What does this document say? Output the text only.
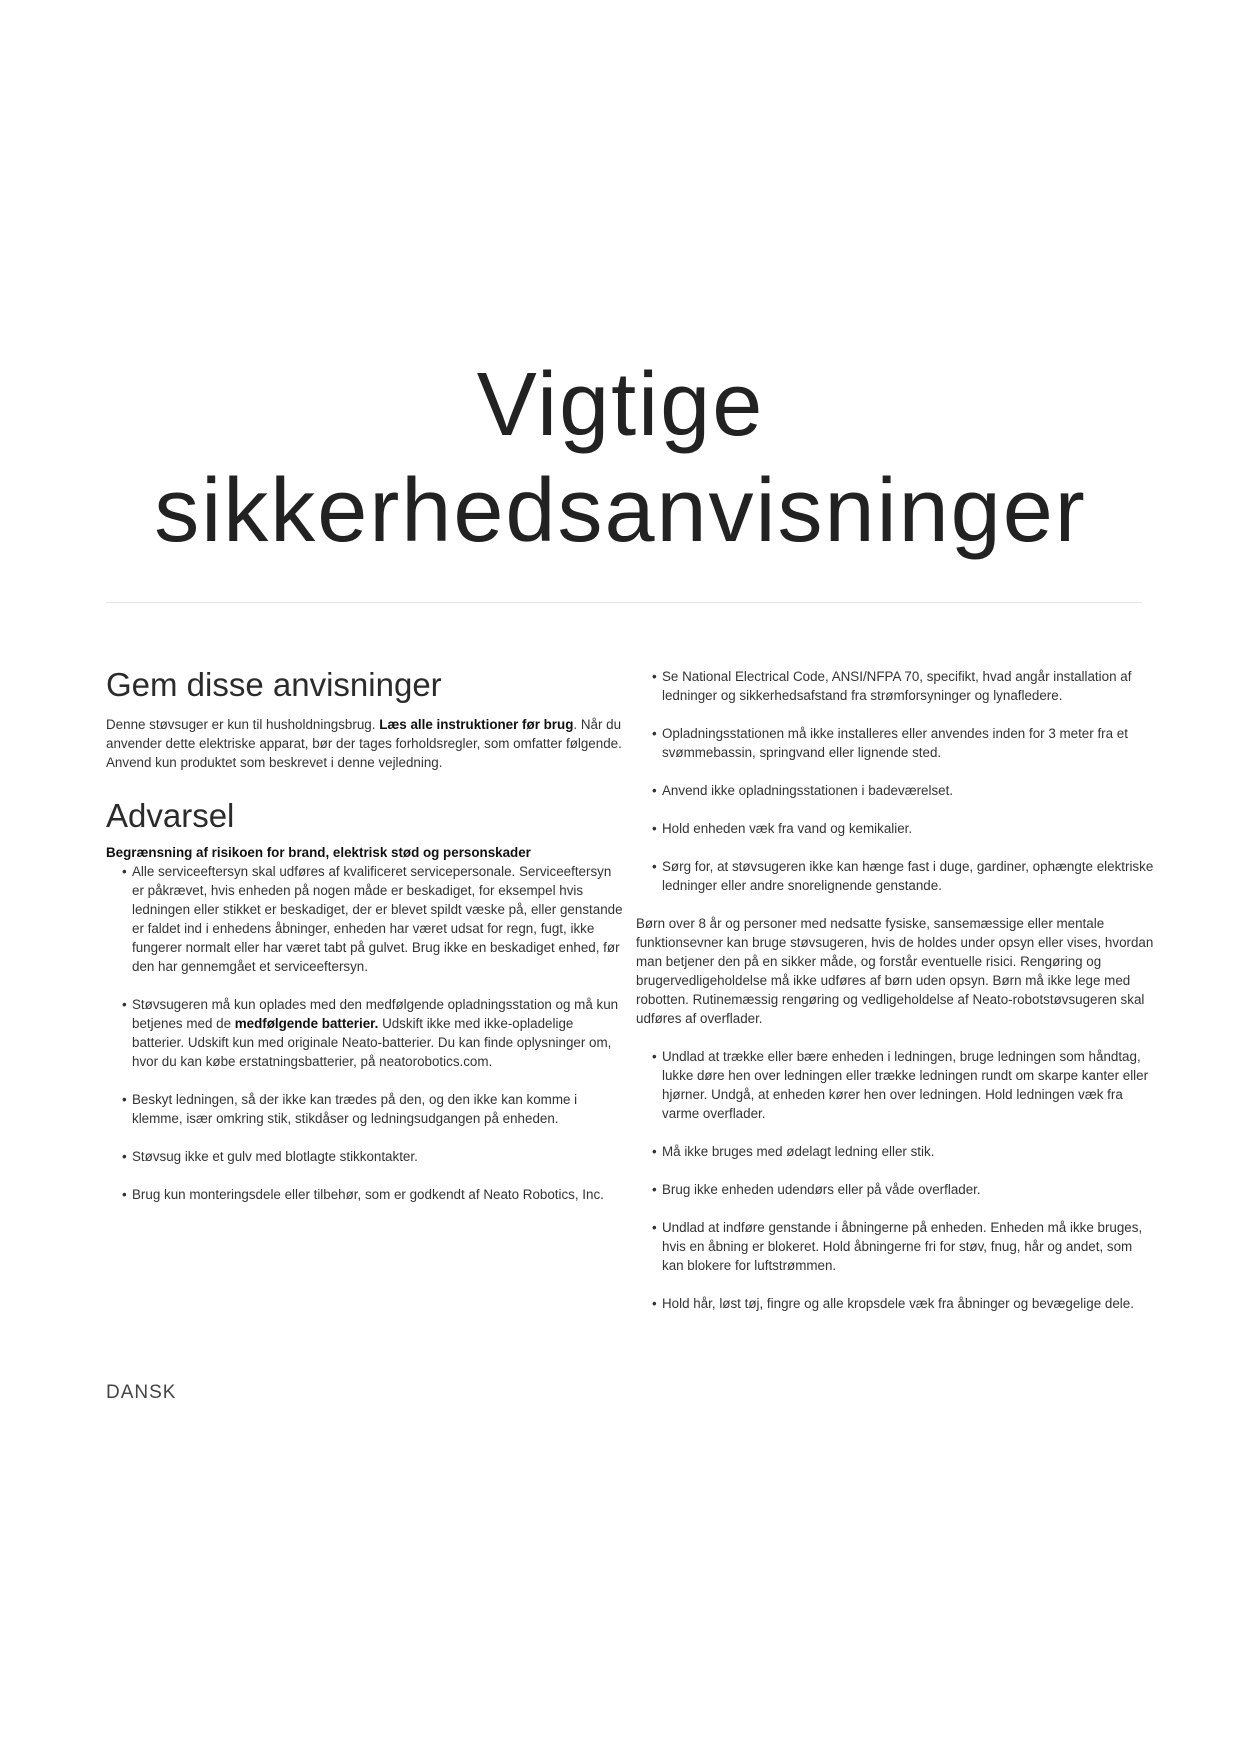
Vigtige
sikkerhedsanvisninger
Gem disse anvisninger

Denne støvsuger er kun til husholdningsbrug. Læs alle instruktioner før brug. Når du anvender dette elektriske apparat, bør der tages forholdsregler, som omfatter følgende. Anvend kun produktet som beskrevet i denne vejledning.

Advarsel
Begrænsning af risikoen for brand, elektrisk stød og personskader
• Alle serviceeftersyn skal udføres af kvalificeret servicepersonale. Serviceeftersyn er påkrævet, hvis enheden på nogen måde er beskadiget, for eksempel hvis ledningen eller stikket er beskadiget, der er blevet spildt væske på, eller genstande er faldet ind i enhedens åbninger, enheden har været udsat for regn, fugt, ikke fungerer normalt eller har været tabt på gulvet. Brug ikke en beskadiget enhed, før den har gennemgået et serviceeftersyn.
• Støvsugeren må kun oplades med den medfølgende opladningsstation og må kun betjenes med de medfølgende batterier. Udskift ikke med ikke-opladelige batterier. Udskift kun med originale Neato-batterier. Du kan finde oplysninger om, hvor du kan købe erstatningsbatterier, på neatorobotics.com.
• Beskyt ledningen, så der ikke kan trædes på den, og den ikke kan komme i klemme, især omkring stik, stikdåser og ledningsudgangen på enheden.
• Støvsug ikke et gulv med blotlagte stikkontakter.
• Brug kun monteringsdele eller tilbehør, som er godkendt af Neato Robotics, Inc.
• Se National Electrical Code, ANSI/NFPA 70, specifikt, hvad angår installation af ledninger og sikkerhedsafstand fra strømforsyninger og lynafledere.
• Opladningsstationen må ikke installeres eller anvendes inden for 3 meter fra et svømmebassin, springvand eller lignende sted.
• Anvend ikke opladningsstationen i badeværelset.
• Hold enheden væk fra vand og kemikalier.
• Sørg for, at støvsugeren ikke kan hænge fast i duge, gardiner, ophængte elektriske ledninger eller andre snorelignende genstande.

Børn over 8 år og personer med nedsatte fysiske, sansemæssige eller mentale funktionsevner kan bruge støvsugeren, hvis de holdes under opsyn eller vises, hvordan man betjener den på en sikker måde, og forstår eventuelle risici. Rengøring og brugervedligeholdelse må ikke udføres af børn uden opsyn. Børn må ikke lege med robotten. Rutinemæssig rengøring og vedligeholdelse af Neato-robotstøvsugeren skal udføres af overflader.

• Undlad at trække eller bære enheden i ledningen, bruge ledningen som håndtag, lukke døre hen over ledningen eller trække ledningen rundt om skarpe kanter eller hjørner. Undgå, at enheden kører hen over ledningen. Hold ledningen væk fra varme overflader.
• Må ikke bruges med ødelagt ledning eller stik.
• Brug ikke enheden udendørs eller på våde overflader.
• Undlad at indføre genstande i åbningerne på enheden. Enheden må ikke bruges, hvis en åbning er blokeret. Hold åbningerne fri for støv, fnug, hår og andet, som kan blokere for luftstrømmen.
• Hold hår, løst tøj, fingre og alle kropsdele væk fra åbninger og bevægelige dele.
DANSK
